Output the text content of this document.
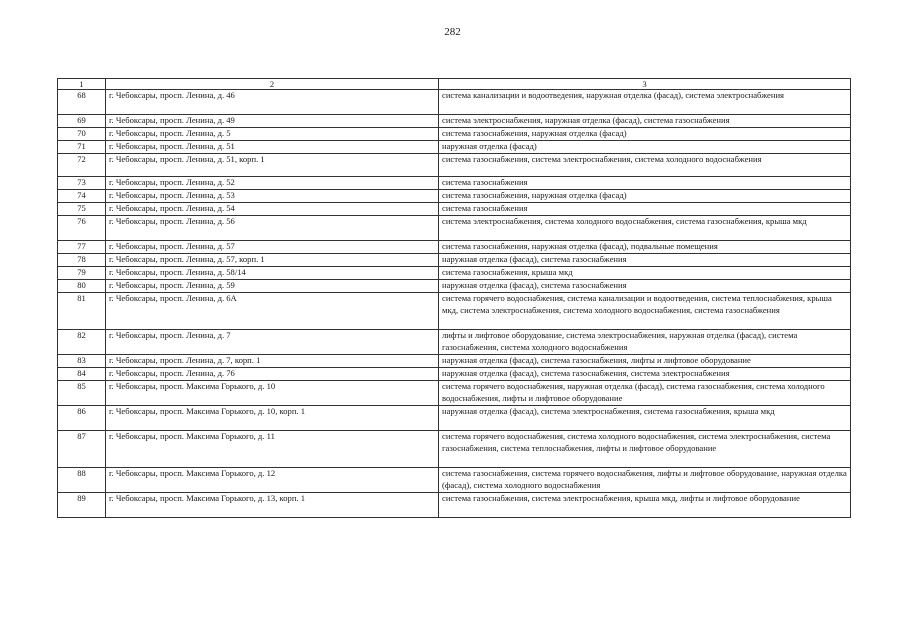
282
1	2	3
68	г. Чебоксары, просп. Ленина, д. 46	система канализации и водоотведения, наружная отделка (фасад), система электроснабжения
69	г. Чебоксары, просп. Ленина, д. 49	система электроснабжения, наружная отделка (фасад), система газоснабжения
70	г. Чебоксары, просп. Ленина, д. 5	система газоснабжения, наружная отделка (фасад)
71	г. Чебоксары, просп. Ленина, д. 51	наружная отделка (фасад)
72	г. Чебоксары, просп. Ленина, д. 51, корп. 1	система газоснабжения, система электроснабжения, система холодного водоснабжения
73	г. Чебоксары, просп. Ленина, д. 52	система газоснабжения
74	г. Чебоксары, просп. Ленина, д. 53	система газоснабжения, наружная отделка (фасад)
75	г. Чебоксары, просп. Ленина, д. 54	система газоснабжения
76	г. Чебоксары, просп. Ленина, д. 56	система электроснабжения, система холодного водоснабжения, система газоснабжения, крыша мкд
77	г. Чебоксары, просп. Ленина, д. 57	система газоснабжения, наружная отделка (фасад), подвальные помещения
78	г. Чебоксары, просп. Ленина, д. 57, корп. 1	наружная отделка (фасад), система газоснабжения
79	г. Чебоксары, просп. Ленина, д. 58/14	система газоснабжения, крыша мкд
80	г. Чебоксары, просп. Ленина, д. 59	наружная отделка (фасад), система газоснабжения
81	г. Чебоксары, просп. Ленина, д. 6А	система горячего водоснабжения, система канализации и водоотведения, система теплоснабжения, крыша мкд, система электроснабжения, система холодного водоснабжения, система газоснабжения
82	г. Чебоксары, просп. Ленина, д. 7	лифты и лифтовое оборудование, система электроснабжения, наружная отделка (фасад), система газоснабжения, система холодного водоснабжения
83	г. Чебоксары, просп. Ленина, д. 7, корп. 1	наружная отделка (фасад), система газоснабжения, лифты и лифтовое оборудование
84	г. Чебоксары, просп. Ленина, д. 76	наружная отделка (фасад), система газоснабжения, система электроснабжения
85	г. Чебоксары, просп. Максима Горького, д. 10	система горячего водоснабжения, наружная отделка (фасад), система газоснабжения, система холодного водоснабжения, лифты и лифтовое оборудование
86	г. Чебоксары, просп. Максима Горького, д. 10, корп. 1	наружная отделка (фасад), система электроснабжения, система газоснабжения, крыша мкд
87	г. Чебоксары, просп. Максима Горького, д. 11	система горячего водоснабжения, система холодного водоснабжения, система электроснабжения, система газоснабжения, система теплоснабжения, лифты и лифтовое оборудование
88	г. Чебоксары, просп. Максима Горького, д. 12	система газоснабжения, система горячего водоснабжения, лифты и лифтовое оборудование, наружная отделка (фасад), система холодного водоснабжения
89	г. Чебоксары, просп. Максима Горького, д. 13, корп. 1	система газоснабжения, система электроснабжения, крыша мкд, лифты и лифтовое оборудование
